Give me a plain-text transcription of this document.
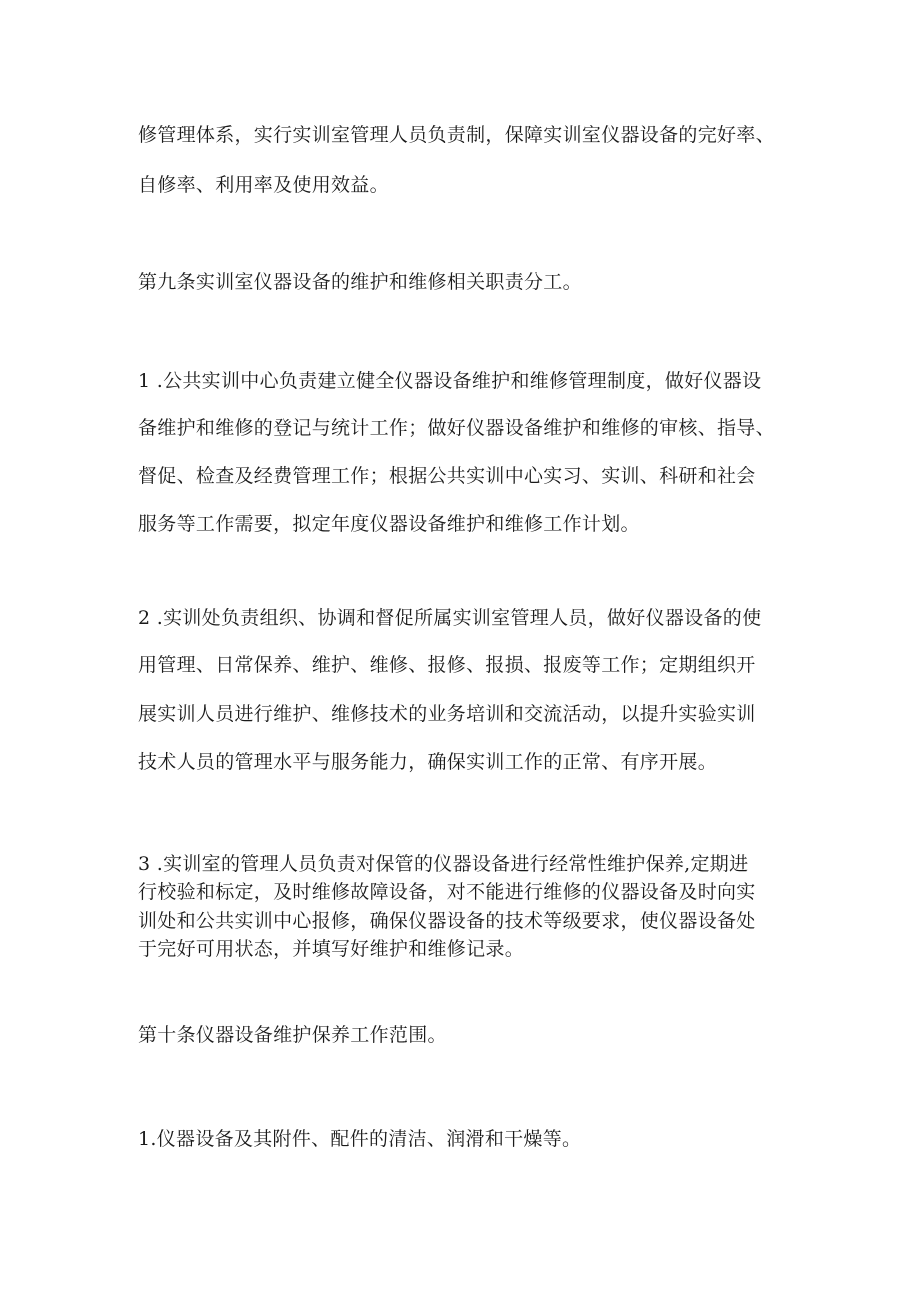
修管理体系，实行实训室管理人员负责制，保障实训室仪器设备的完好率、
自修率、利用率及使用效益。
第九条实训室仪器设备的维护和维修相关职责分工。
1 .公共实训中心负责建立健全仪器设备维护和维修管理制度，做好仪器设
备维护和维修的登记与统计工作；做好仪器设备维护和维修的审核、指导、
督促、检查及经费管理工作；根据公共实训中心实习、实训、科研和社会
服务等工作需要，拟定年度仪器设备维护和维修工作计划。
2 .实训处负责组织、协调和督促所属实训室管理人员，做好仪器设备的使
用管理、日常保养、维护、维修、报修、报损、报废等工作；定期组织开
展实训人员进行维护、维修技术的业务培训和交流活动，以提升实验实训
技术人员的管理水平与服务能力，确保实训工作的正常、有序开展。
3 .实训室的管理人员负责对保管的仪器设备进行经常性维护保养,定期进
行校验和标定，及时维修故障设备，对不能进行维修的仪器设备及时向实
训处和公共实训中心报修，确保仪器设备的技术等级要求，使仪器设备处
于完好可用状态，并填写好维护和维修记录。
第十条仪器设备维护保养工作范围。
1.仪器设备及其附件、配件的清洁、润滑和干燥等。
